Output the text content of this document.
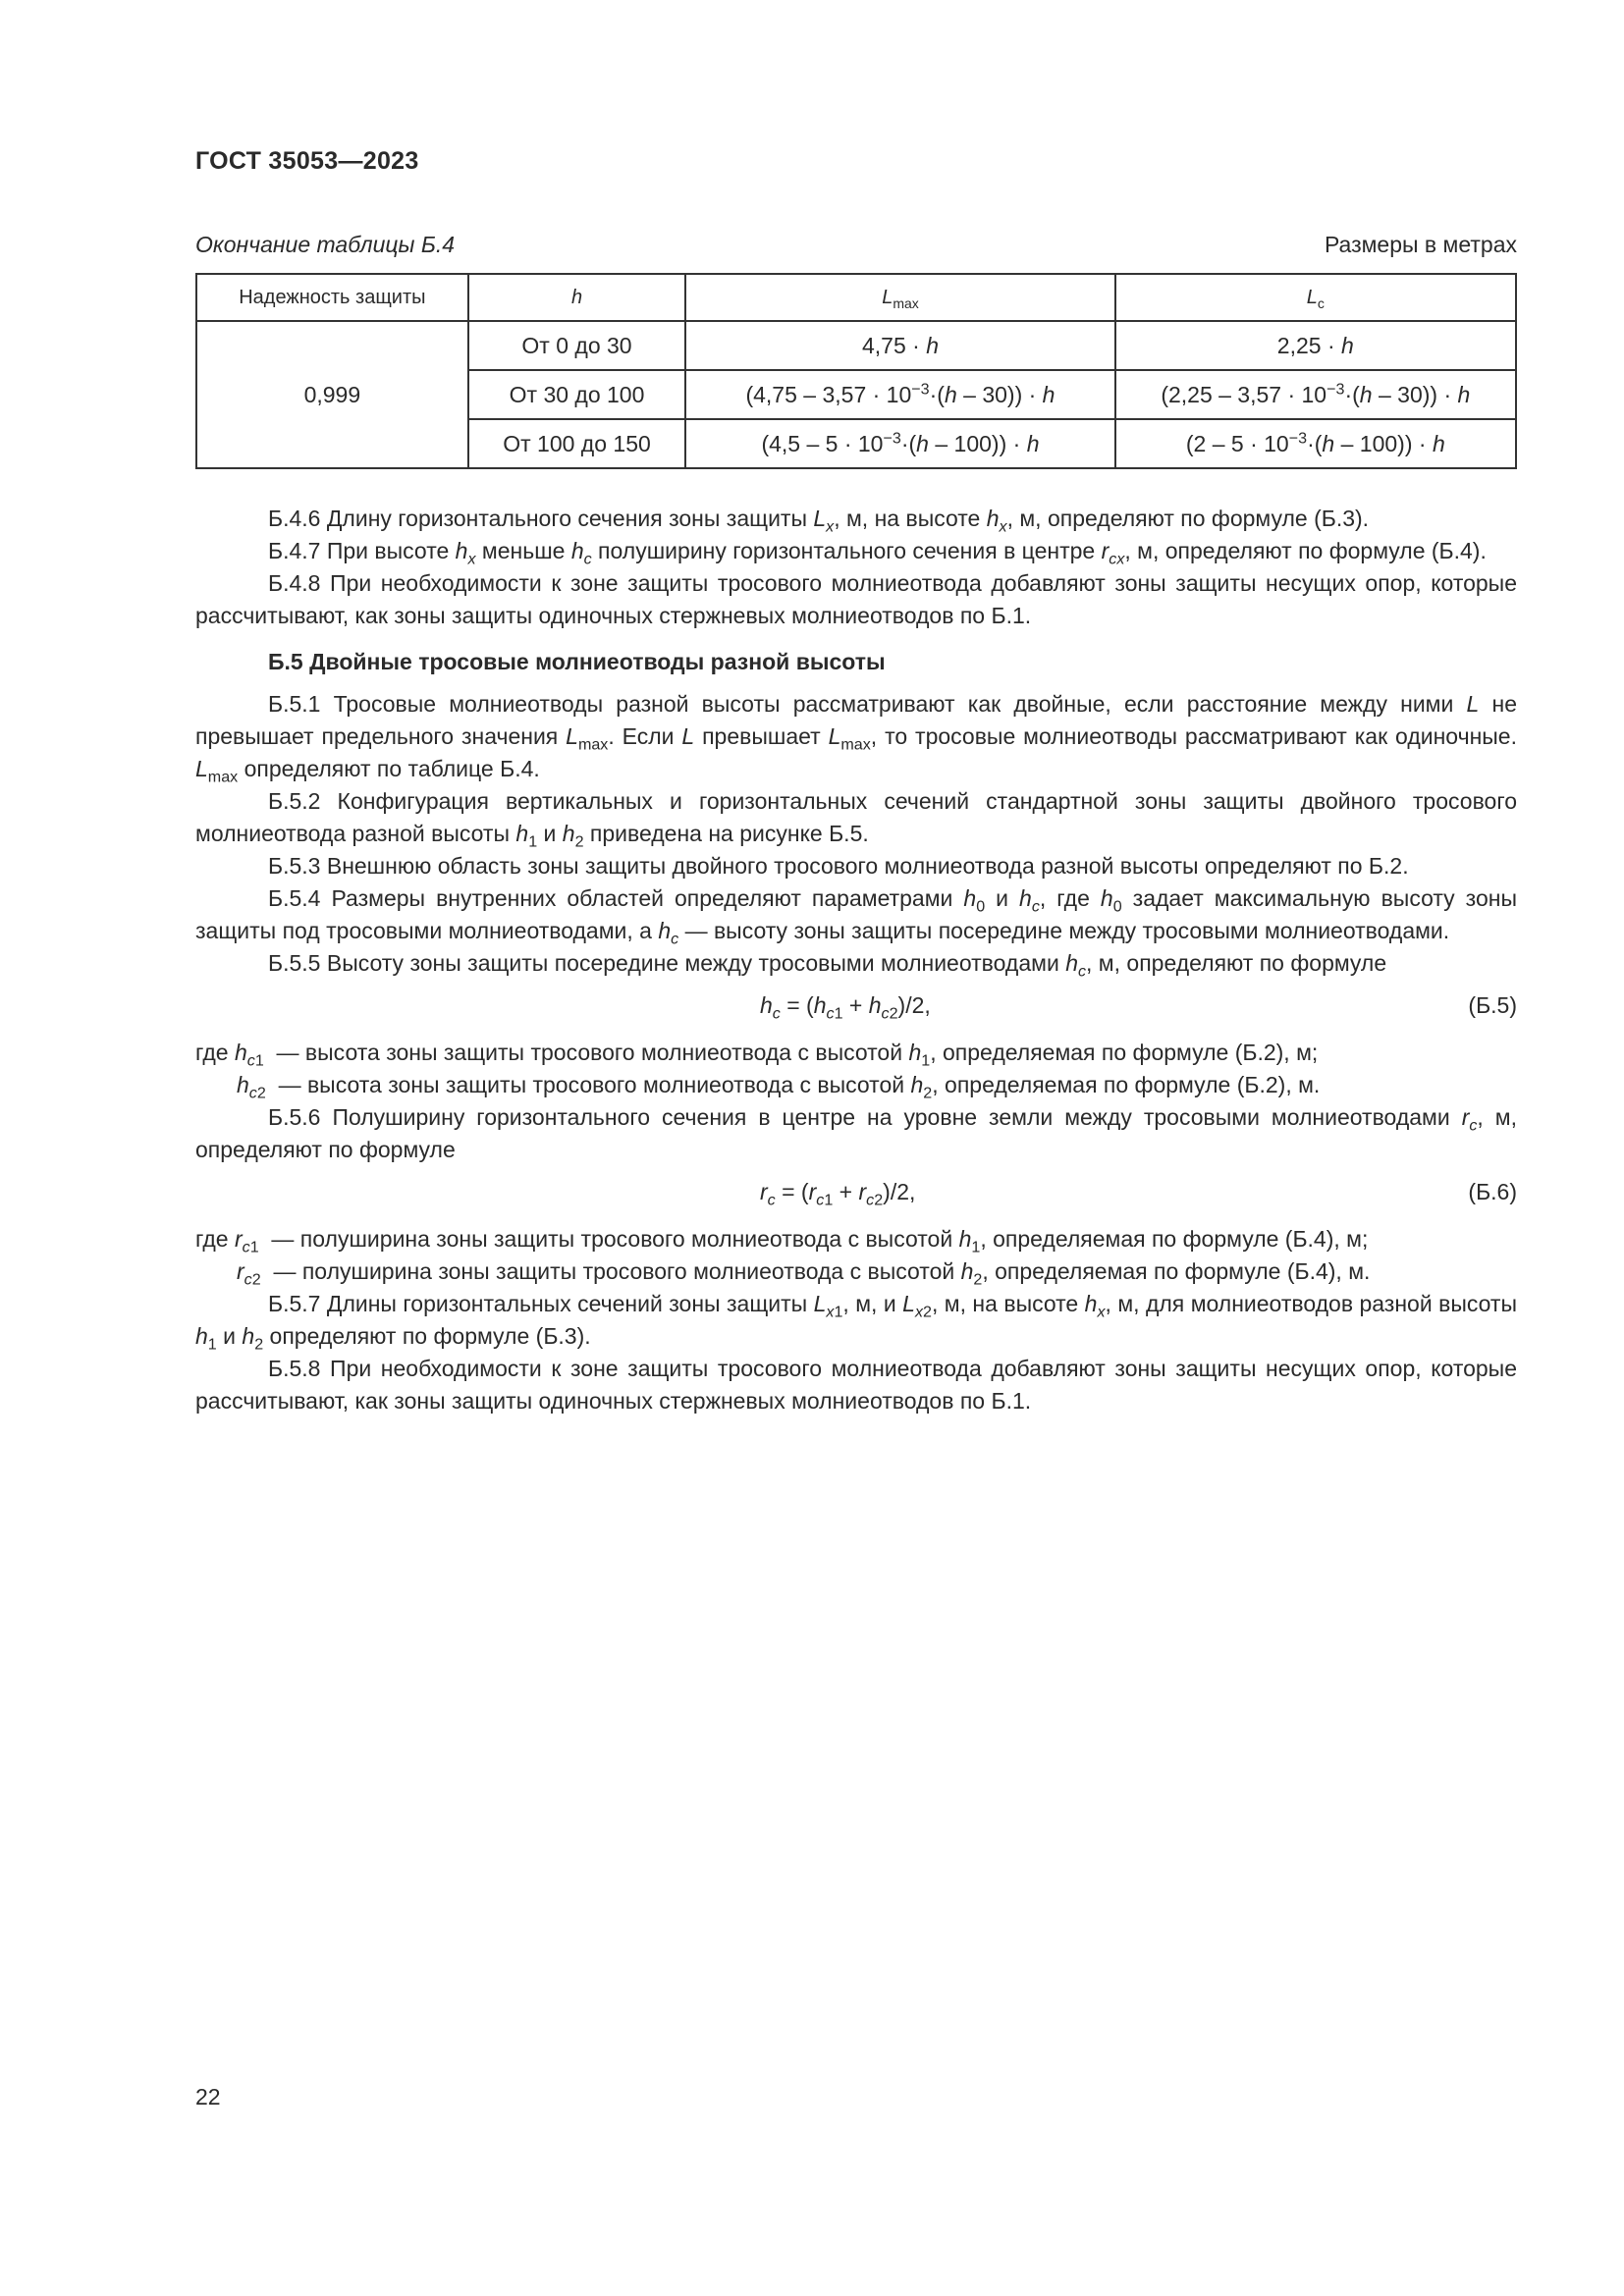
ГОСТ 35053—2023
Окончание таблицы Б.4	Размеры в метрах
Надежность защиты	h	$L_{max}$	$L_c$
0,999	От 0 до 30	4,75 · h	2,25 · h
	От 30 до 100	$(4,75 - 3,57 \cdot 10^{-3}\cdot(h - 30)) \cdot h$	$(2,25 - 3,57 \cdot 10^{-3}\cdot(h - 30)) \cdot h$
	От 100 до 150	$(4,5 - 5 \cdot 10^{-3}\cdot(h - 100)) \cdot h$	$(2 - 5 \cdot 10^{-3}\cdot(h - 100)) \cdot h$

Б.4.6 Длину горизонтального сечения зоны защиты $L_x$, м, на высоте $h_x$, м, определяют по формуле (Б.3).

Б.4.7 При высоте $h_x$ меньше $h_c$ полуширину горизонтального сечения в центре $r_{cx}$, м, определяют по формуле (Б.4).

Б.4.8 При необходимости к зоне защиты тросового молниеотвода добавляют зоны защиты несущих опор, которые рассчитывают, как зоны защиты одиночных стержневых молниеотводов по Б.1.

Б.5 Двойные тросовые молниеотводы разной высоты

Б.5.1 Тросовые молниеотводы разной высоты рассматривают как двойные, если расстояние между ними L не превышает предельного значения $L_{max}$. Если L превышает $L_{max}$, то тросовые молниеотводы рассматривают как одиночные. $L_{max}$ определяют по таблице Б.4.

Б.5.2 Конфигурация вертикальных и горизонтальных сечений стандартной зоны защиты двойного тросового молниеотвода разной высоты $h_1$ и $h_2$ приведена на рисунке Б.5.

Б.5.3 Внешнюю область зоны защиты двойного тросового молниеотвода разной высоты определяют по Б.2.

Б.5.4 Размеры внутренних областей определяют параметрами $h_0$ и $h_c$, где $h_0$ задает максимальную высоту зоны защиты под тросовыми молниеотводами, а $h_c$ — высоту зоны защиты посередине между тросовыми молниеотводами.

Б.5.5 Высоту зоны защиты посередине между тросовыми молниеотводами $h_c$, м, определяют по формуле

$h_c = (h_{c1} + h_{c2})/2$,	(Б.5)

где $h_{c1}$  — высота зоны защиты тросового молниеотвода с высотой $h_1$, определяемая по формуле (Б.2), м;

$h_{c2}$  — высота зоны защиты тросового молниеотвода с высотой $h_2$, определяемая по формуле (Б.2), м.

Б.5.6 Полуширину горизонтального сечения в центре на уровне земли между тросовыми молниеотводами $r_c$, м, определяют по формуле

$r_c = (r_{c1} + r_{c2})/2$,	(Б.6)

где $r_{c1}$  — полуширина зоны защиты тросового молниеотвода с высотой $h_1$, определяемая по формуле (Б.4), м;

$r_{c2}$  — полуширина зоны защиты тросового молниеотвода с высотой $h_2$, определяемая по формуле (Б.4), м.

Б.5.7 Длины горизонтальных сечений зоны защиты $L_{x1}$, м, и $L_{x2}$, м, на высоте $h_x$, м, для молниеотводов разной высоты $h_1$ и $h_2$ определяют по формуле (Б.3).

Б.5.8 При необходимости к зоне защиты тросового молниеотвода добавляют зоны защиты несущих опор, которые рассчитывают, как зоны защиты одиночных стержневых молниеотводов по Б.1.

22
